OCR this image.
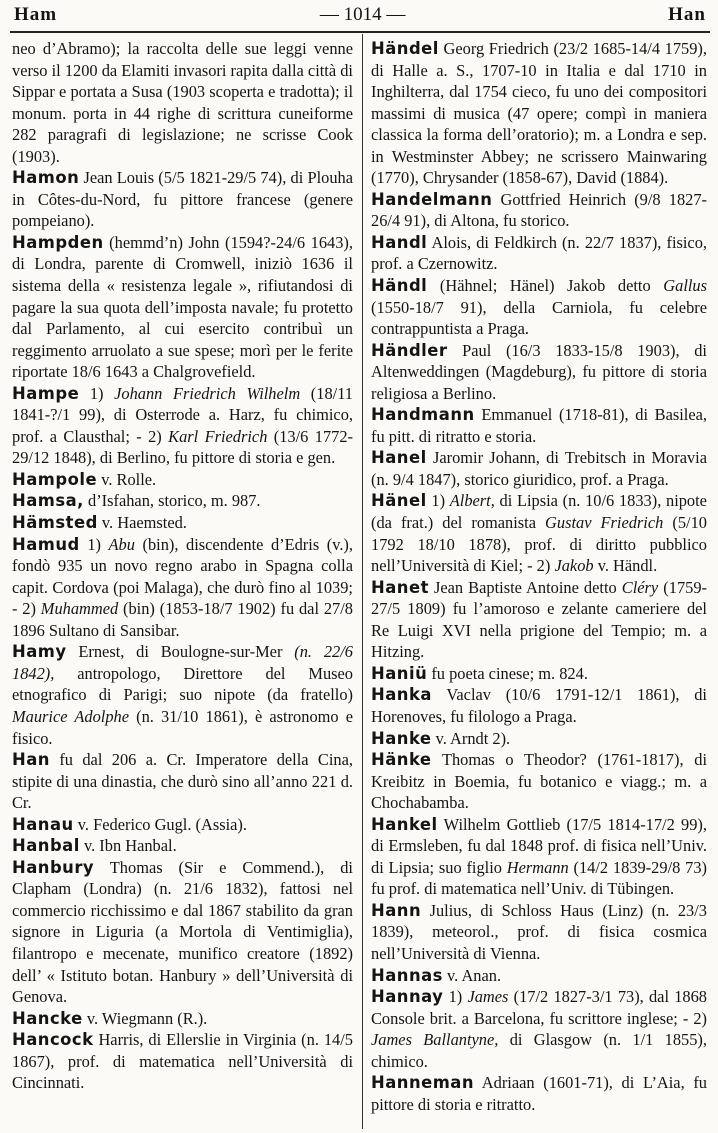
Ham	— 1014 —	Han

neo d’Abramo); la raccolta delle sue leggi venne verso il 1200 da Elamiti invasori rapita dalla città di Sippar e portata a Susa (1903 scoperta e tradotta); il monum. porta in 44 righe di scrittura cuneiforme 282 paragrafi di legislazione; ne scrisse Cook (1903).

Hamon Jean Louis (5/5 1821-29/5 74), di Plouha in Côtes-du-Nord, fu pittore francese (genere pompeiano).

Hampden (hemmd’n) John (1594?-24/6 1643), di Londra, parente di Cromwell, iniziò 1636 il sistema della « resistenza legale », rifiutandosi di pagare la sua quota dell’imposta navale; fu protetto dal Parlamento, al cui esercito contribuì un reggimento arruolato a sue spese; morì per le ferite riportate 18/6 1643 a Chalgrovefield.

Hampe 1) Johann Friedrich Wilhelm (18/11 1841-?/1 99), di Osterrode a. Harz, fu chimico, prof. a Clausthal; - 2) Karl Friedrich (13/6 1772-29/12 1848), di Berlino, fu pittore di storia e gen.

Hampole v. Rolle.

Hamsa, d’Isfahan, storico, m. 987.

Hämsted v. Haemsted.

Hamud 1) Abu (bin), discendente d’Edris (v.), fondò 935 un novo regno arabo in Spagna colla capit. Cordova (poi Malaga), che durò fino al 1039; - 2) Muhammed (bin) (1853-18/7 1902) fu dal 27/8 1896 Sultano di Sansibar.

Hamy Ernest, di Boulogne-sur-Mer (n. 22/6 1842), antropologo, Direttore del Museo etnografico di Parigi; suo nipote (da fratello) Maurice Adolphe (n. 31/10 1861), è astronomo e fisico.

Han fu dal 206 a. Cr. Imperatore della Cina, stipite di una dinastia, che durò sino all’anno 221 d. Cr.

Hanau v. Federico Gugl. (Assia).

Hanbal v. Ibn Hanbal.

Hanbury Thomas (Sir e Commend.), di Clapham (Londra) (n. 21/6 1832), fattosi nel commercio ricchissimo e dal 1867 stabilito da gran signore in Liguria (a Mortola di Ventimiglia), filantropo e mecenate, munifico creatore (1892) dell’ « Istituto botan. Hanbury » dell’Università di Genova.

Hancke v. Wiegmann (R.).

Hancock Harris, di Ellerslie in Virginia (n. 14/5 1867), prof. di matematica nell’Università di Cincinnati.

Händel Georg Friedrich (23/2 1685-14/4 1759), di Halle a. S., 1707-10 in Italia e dal 1710 in Inghilterra, dal 1754 cieco, fu uno dei compositori massimi di musica (47 opere; compì in maniera classica la forma dell’oratorio); m. a Londra e sep. in Westminster Abbey; ne scrissero Mainwaring (1770), Chrysander (1858-67), David (1884).

Handelmann Gottfried Heinrich (9/8 1827-26/4 91), di Altona, fu storico.

Handl Alois, di Feldkirch (n. 22/7 1837), fisico, prof. a Czernowitz.

Händl (Hähnel; Hänel) Jakob detto Gallus (1550-18/7 91), della Carniola, fu celebre contrappuntista a Praga.

Händler Paul (16/3 1833-15/8 1903), di Altenweddingen (Magdeburg), fu pittore di storia religiosa a Berlino.

Handmann Emmanuel (1718-81), di Basilea, fu pitt. di ritratto e storia.

Hanel Jaromir Johann, di Trebitsch in Moravia (n. 9/4 1847), storico giuridico, prof. a Praga.

Hänel 1) Albert, di Lipsia (n. 10/6 1833), nipote (da frat.) del romanista Gustav Friedrich (5/10 1792 18/10 1878), prof. di diritto pubblico nell’Università di Kiel; - 2) Jakob v. Händl.

Hanet Jean Baptiste Antoine detto Cléry (1759-27/5 1809) fu l’amoroso e zelante cameriere del Re Luigi XVI nella prigione del Tempio; m. a Hitzing.

Haniü fu poeta cinese; m. 824.

Hanka Vaclav (10/6 1791-12/1 1861), di Horenoves, fu filologo a Praga.

Hanke v. Arndt 2).

Hänke Thomas o Theodor? (1761-1817), di Kreibitz in Boemia, fu botanico e viagg.; m. a Chochabamba.

Hankel Wilhelm Gottlieb (17/5 1814-17/2 99), di Ermsleben, fu dal 1848 prof. di fisica nell’Univ. di Lipsia; suo figlio Hermann (14/2 1839-29/8 73) fu prof. di matematica nell’Univ. di Tübingen.

Hann Julius, di Schloss Haus (Linz) (n. 23/3 1839), meteorol., prof. di fisica cosmica nell’Università di Vienna.

Hannas v. Anan.

Hannay 1) James (17/2 1827-3/1 73), dal 1868 Console brit. a Barcelona, fu scrittore inglese; - 2) James Ballantyne, di Glasgow (n. 1/1 1855), chimico.

Hanneman Adriaan (1601-71), di L’Aia, fu pittore di storia e ritratto.
